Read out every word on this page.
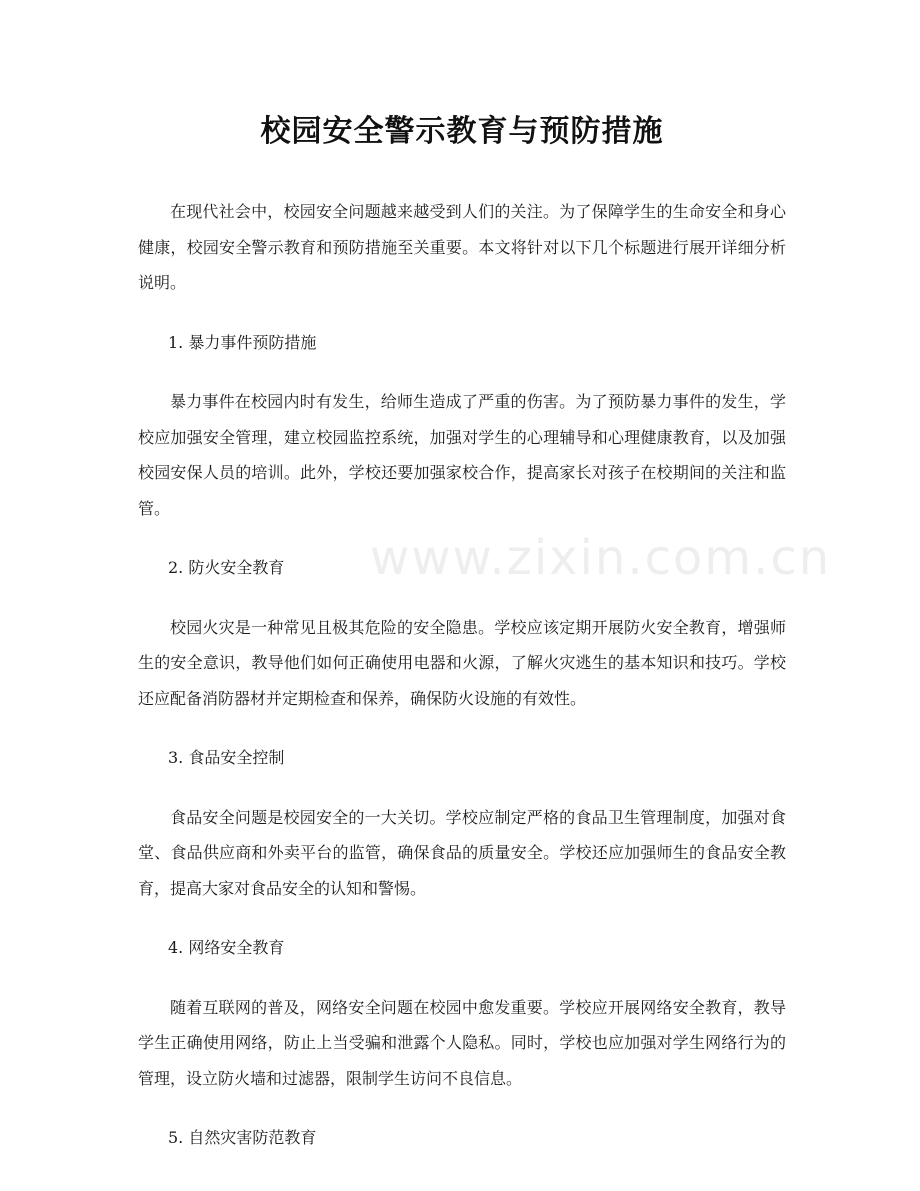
校园安全警示教育与预防措施

在现代社会中，校园安全问题越来越受到人们的关注。为了保障学生的生命安全和身心健康，校园安全警示教育和预防措施至关重要。本文将针对以下几个标题进行展开详细分析说明。

1. 暴力事件预防措施

暴力事件在校园内时有发生，给师生造成了严重的伤害。为了预防暴力事件的发生，学校应加强安全管理，建立校园监控系统，加强对学生的心理辅导和心理健康教育，以及加强校园安保人员的培训。此外，学校还要加强家校合作，提高家长对孩子在校期间的关注和监管。

2. 防火安全教育

校园火灾是一种常见且极其危险的安全隐患。学校应该定期开展防火安全教育，增强师生的安全意识，教导他们如何正确使用电器和火源，了解火灾逃生的基本知识和技巧。学校还应配备消防器材并定期检查和保养，确保防火设施的有效性。

3. 食品安全控制

食品安全问题是校园安全的一大关切。学校应制定严格的食品卫生管理制度，加强对食堂、食品供应商和外卖平台的监管，确保食品的质量安全。学校还应加强师生的食品安全教育，提高大家对食品安全的认知和警惕。

4. 网络安全教育

随着互联网的普及，网络安全问题在校园中愈发重要。学校应开展网络安全教育，教导学生正确使用网络，防止上当受骗和泄露个人隐私。同时，学校也应加强对学生网络行为的管理，设立防火墙和过滤器，限制学生访问不良信息。

5. 自然灾害防范教育

www.zixin.com.cn
